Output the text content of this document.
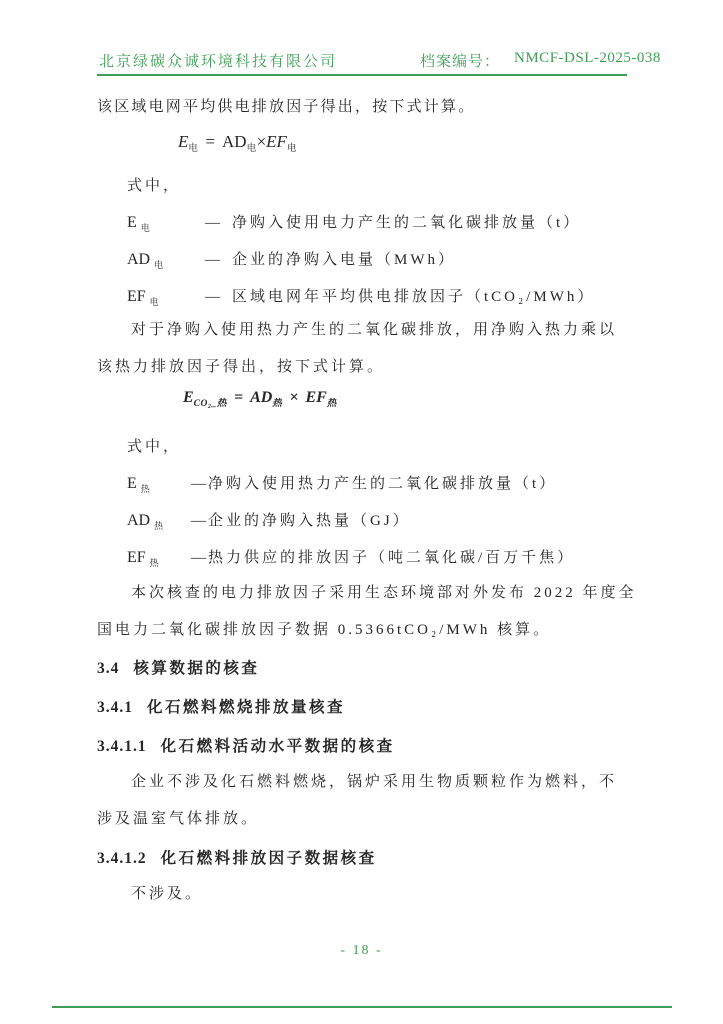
北京绿碳众诚环境科技有限公司	档案编号： NMCF-DSL-2025-038
该区域电网平均供电排放因子得出，按下式计算。
$E_电 = AD_电\times EF_电$
式中，
E $_电$	— 净购入使用电力产生的二氧化碳排放量（t）
AD $_电$	— 企业的净购入电量（MWh）
EF $_电$	— 区域电网年平均供电排放因子（tCO₂/MWh）
对于净购入使用热力产生的二氧化碳排放，用净购入热力乘以
该热力排放因子得出，按下式计算。
$E_{CO_2\_热} = AD_热 \times EF_热$
式中，
E $_热$	— 净购入使用热力产生的二氧化碳排放量（t）
AD $_热$	— 企业的净购入热量（GJ）
EF $_热$	— 热力供应的排放因子（吨二氧化碳/百万千焦）
本次核查的电力排放因子采用生态环境部对外发布 2022 年度全
国电力二氧化碳排放因子数据 0.5366tCO₂/MWh 核算。
3.4 核算数据的核查
3.4.1 化石燃料燃烧排放量核查
3.4.1.1 化石燃料活动水平数据的核查
企业不涉及化石燃料燃烧，锅炉采用生物质颗粒作为燃料，不
涉及温室气体排放。
3.4.1.2 化石燃料排放因子数据核查
不涉及。
- 18 -
